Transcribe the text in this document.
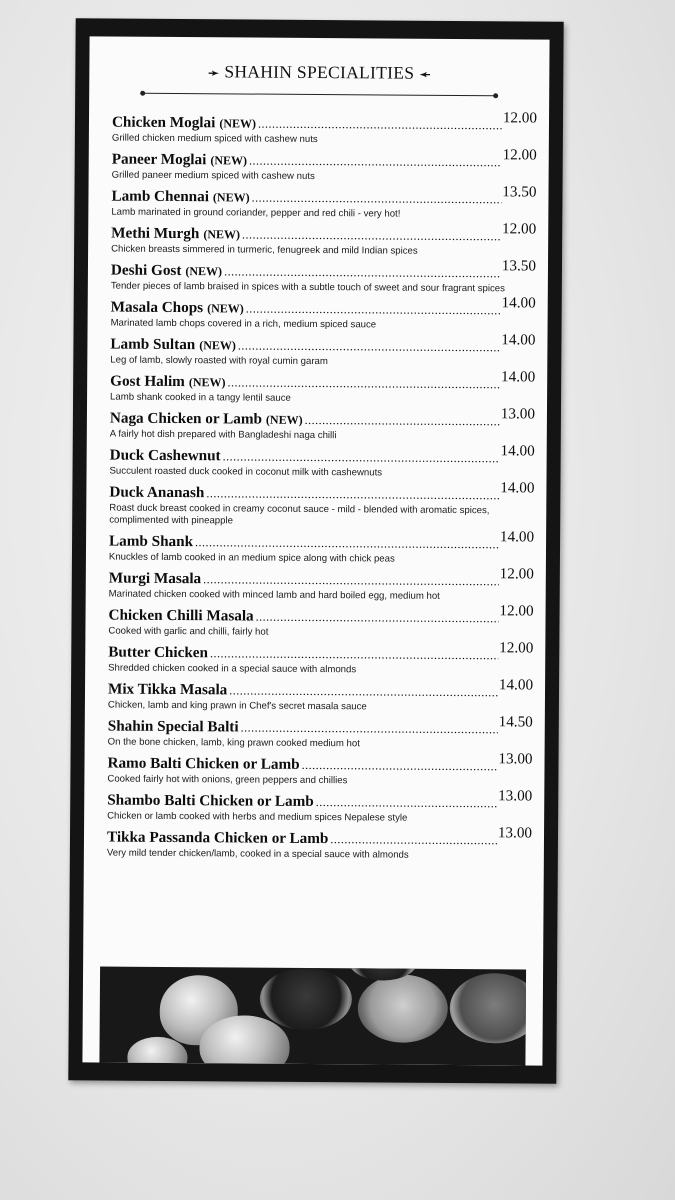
➛ SHAHIN SPECIALITIES ➛
Chicken Moglai (NEW) .....	12.00
Grilled chicken medium spiced with cashew nuts
Paneer Moglai (NEW) .....	12.00
Grilled paneer medium spiced with cashew nuts
Lamb Chennai (NEW) .....	13.50
Lamb marinated in ground coriander, pepper and red chili - very hot!
Methi Murgh (NEW) .....	12.00
Chicken breasts simmered in turmeric, fenugreek and mild Indian spices
Deshi Gost (NEW) .....	13.50
Tender pieces of lamb braised in spices with a subtle touch of sweet and sour fragrant spices
Masala Chops (NEW) .....	14.00
Marinated lamb chops covered in a rich, medium spiced sauce
Lamb Sultan (NEW) .....	14.00
Leg of lamb, slowly roasted with royal cumin garam
Gost Halim (NEW) .....	14.00
Lamb shank cooked in a tangy lentil sauce
Naga Chicken or Lamb (NEW) .....	13.00
A fairly hot dish prepared with Bangladeshi naga chilli
Duck Cashewnut .....	14.00
Succulent roasted duck cooked in coconut milk with cashewnuts
Duck Ananash .....	14.00
Roast duck breast cooked in creamy coconut sauce - mild - blended with aromatic spices, complimented with pineapple
Lamb Shank .....	14.00
Knuckles of lamb cooked in an medium spice along with chick peas
Murgi Masala .....	12.00
Marinated chicken cooked with minced lamb and hard boiled egg, medium hot
Chicken Chilli Masala .....	12.00
Cooked with garlic and chilli, fairly hot
Butter Chicken .....	12.00
Shredded chicken cooked in a special sauce with almonds
Mix Tikka Masala .....	14.00
Chicken, lamb and king prawn in Chef's secret masala sauce
Shahin Special Balti .....	14.50
On the bone chicken, lamb, king prawn cooked medium hot
Ramo Balti Chicken or Lamb .....	13.00
Cooked fairly hot with onions, green peppers and chillies
Shambo Balti Chicken or Lamb .....	13.00
Chicken or lamb cooked with herbs and medium spices Nepalese style
Tikka Passanda Chicken or Lamb .....	13.00
Very mild tender chicken/lamb, cooked in a special sauce with almonds
